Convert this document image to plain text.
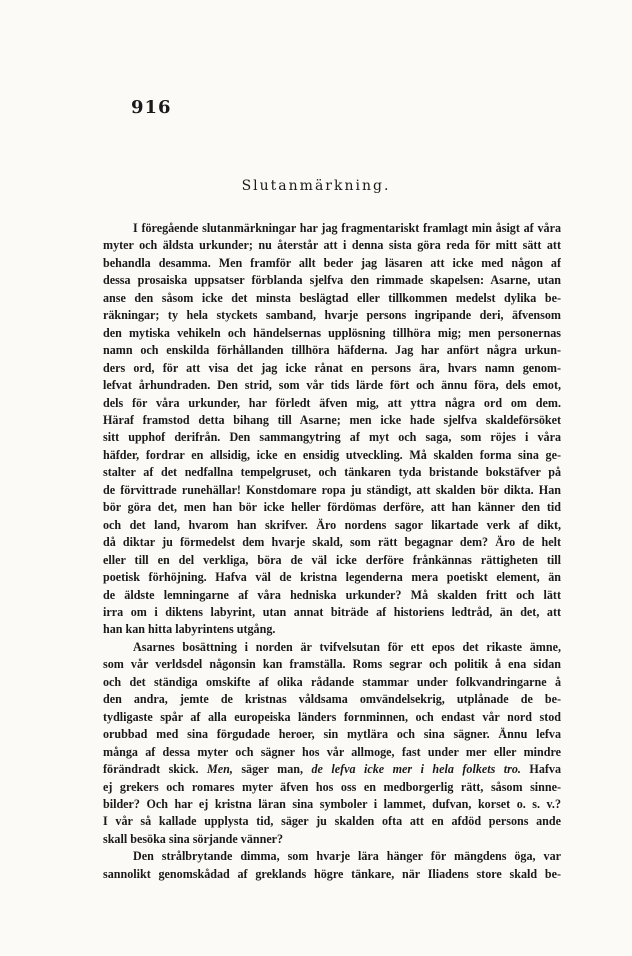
916
Slutanmärkning.
I föregående slutanmärkningar har jag fragmentariskt framlagt min åsigt af våra
myter och äldsta urkunder; nu återstår att i denna sista göra reda för mitt sätt att
behandla desamma. Men framför allt beder jag läsaren att icke med någon af
dessa prosaiska uppsatser förblanda sjelfva den rimmade skapelsen: Asarne, utan
anse den såsom icke det minsta beslägtad eller tillkommen medelst dylika be-
räkningar; ty hela styckets samband, hvarje persons ingripande deri, äfvensom
den mytiska vehikeln och händelsernas upplösning tillhöra mig; men personernas
namn och enskilda förhållanden tillhöra häfderna. Jag har anfört några urkun-
ders ord, för att visa det jag icke rånat en persons ära, hvars namn genom-
lefvat århundraden. Den strid, som vår tids lärde fört och ännu föra, dels emot,
dels för våra urkunder, har förledt äfven mig, att yttra några ord om dem.
Häraf framstod detta bihang till Asarne; men icke hade sjelfva skaldeförsöket
sitt upphof derifrån. Den sammangytring af myt och saga, som röjes i våra
häfder, fordrar en allsidig, icke en ensidig utveckling. Må skalden forma sina ge-
stalter af det nedfallna tempelgruset, och tänkaren tyda bristande bokstäfver på
de förvittrade runehällar! Konstdomare ropa ju ständigt, att skalden bör dikta. Han
bör göra det, men han bör icke heller fördömas derföre, att han känner den tid
och det land, hvarom han skrifver. Äro nordens sagor likartade verk af dikt,
då diktar ju förmedelst dem hvarje skald, som rätt begagnar dem? Äro de helt
eller till en del verkliga, böra de väl icke derföre frånkännas rättigheten till
poetisk förhöjning. Hafva väl de kristna legenderna mera poetiskt element, än
de äldste lemningarne af våra hedniska urkunder? Må skalden fritt och lätt
irra om i diktens labyrint, utan annat biträde af historiens ledtråd, än det, att
han kan hitta labyrintens utgång.
Asarnes bosättning i norden är tvifvelsutan för ett epos det rikaste ämne,
som vår verldsdel någonsin kan framställa. Roms segrar och politik å ena sidan
och det ständiga omskifte af olika rådande stammar under folkvandringarne å
den andra, jemte de kristnas våldsama omvändelsekrig, utplånade de be-
tydligaste spår af alla europeiska länders fornminnen, och endast vår nord stod
orubbad med sina förgudade heroer, sin mytlära och sina sägner. Ännu lefva
många af dessa myter och sägner hos vår allmoge, fast under mer eller mindre
förändradt skick. Men, säger man, de lefva icke mer i hela folkets tro. Hafva
ej grekers och romares myter äfven hos oss en medborgerlig rätt, såsom sinne-
bilder? Och har ej kristna läran sina symboler i lammet, dufvan, korset o. s. v.?
I vår så kallade upplysta tid, säger ju skalden ofta att en afdöd persons ande
skall besöka sina sörjande vänner?
Den strålbrytande dimma, som hvarje lära hänger för mängdens öga, var
sannolikt genomskådad af greklands högre tänkare, när Iliadens store skald be-
